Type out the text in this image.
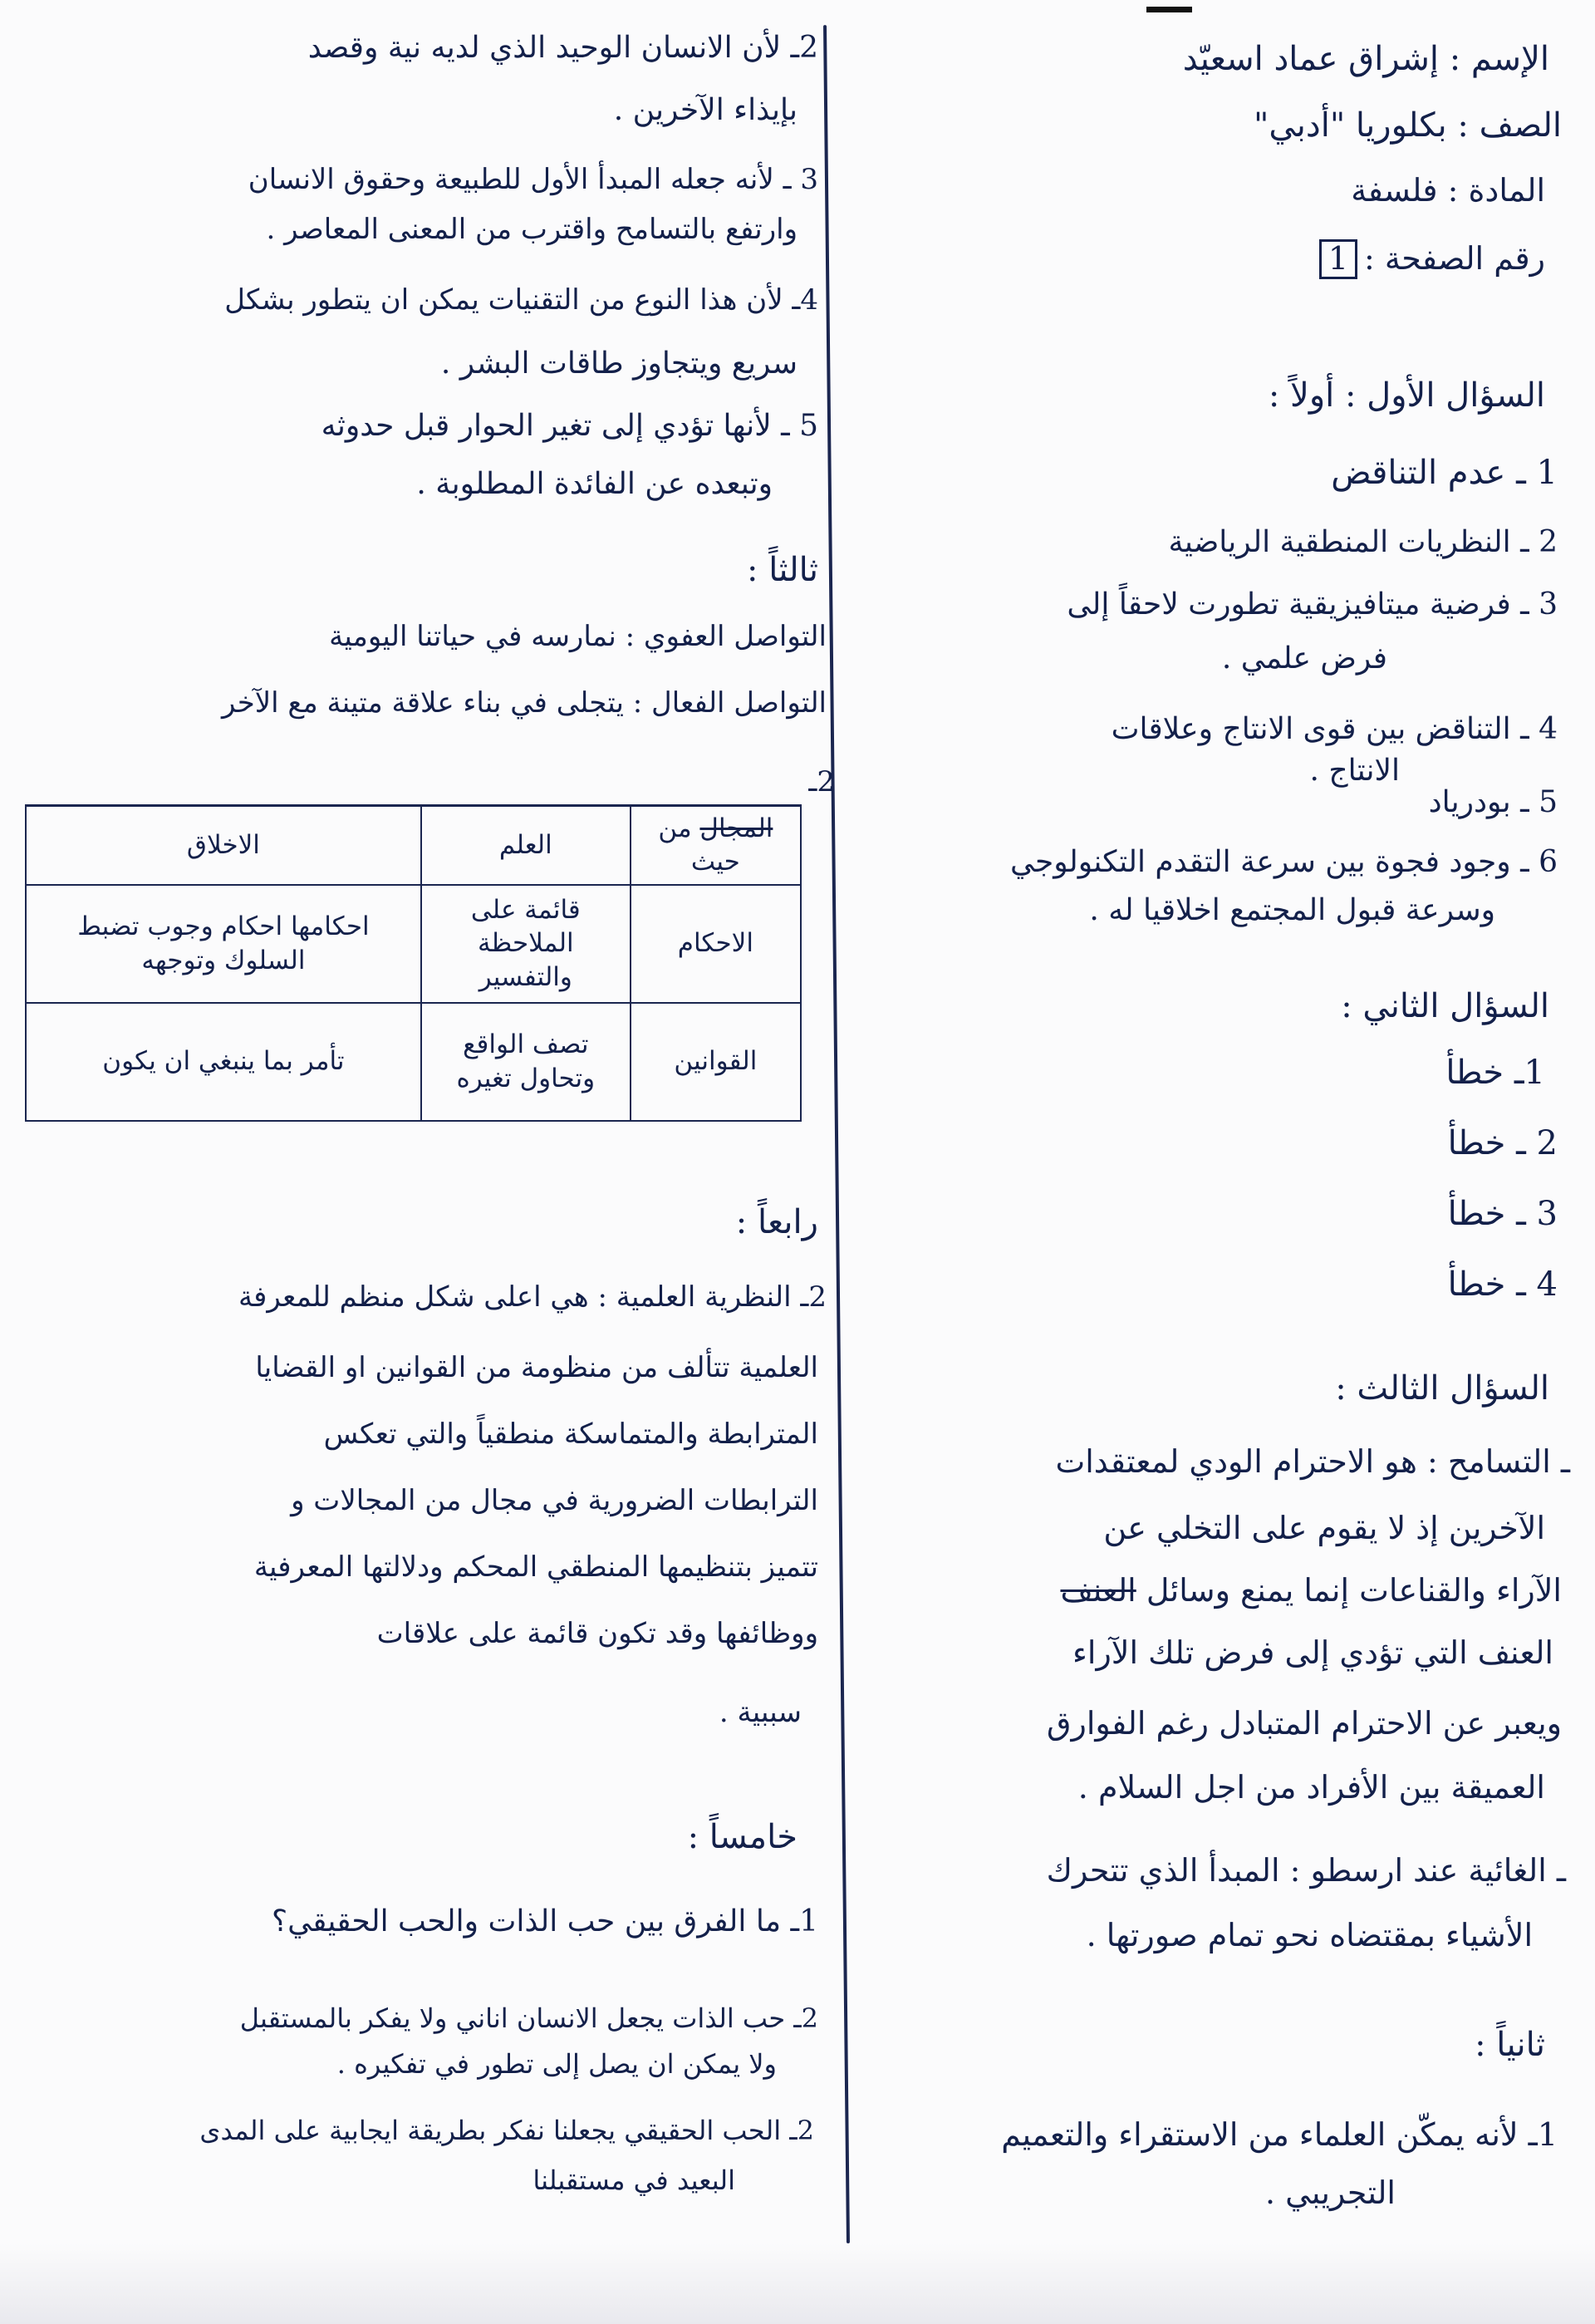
الإسم : إشراق عماد اسعيّد
الصف : بكلوريا "أدبي"
المادة : فلسفة
رقم الصفحة :1
السؤال الأول : أولاً :
1 ـ عدم التناقض
2 ـ النظريات المنطقية الرياضية
3 ـ فرضية ميتافيزيقية تطورت لاحقاً إلى
فرض علمي .
4 ـ التناقض بين قوى الانتاج وعلاقات
الانتاج .
5 ـ بودرياد
6 ـ وجود فجوة بين سرعة التقدم التكنولوجي
وسرعة قبول المجتمع اخلاقيا له .
السؤال الثاني :
1ـ خطأ
2 ـ خطأ
3 ـ خطأ
4 ـ خطأ
السؤال الثالث :
ـ التسامح : هو الاحترام الودي لمعتقدات
الآخرين إذ لا يقوم على التخلي عن
الآراء والقناعات إنما يمنع وسائل العنف
العنف التي تؤدي إلى فرض تلك الآراء
ويعبر عن الاحترام المتبادل رغم الفوارق
العميقة بين الأفراد من اجل السلام .
ـ الغائية عند ارسطو : المبدأ الذي تتحرك
الأشياء بمقتضاه نحو تمام صورتها .
ثانياً :
1ـ لأنه يمكّن العلماء من الاستقراء والتعميم
التجريبي .
2ـ لأن الانسان الوحيد الذي لديه نية وقصد
بإيذاء الآخرين .
3 ـ لأنه جعله المبدأ الأول للطبيعة وحقوق الانسان
وارتفع بالتسامح واقترب من المعنى المعاصر .
4ـ لأن هذا النوع من التقنيات يمكن ان يتطور بشكل
سريع ويتجاوز طاقات البشر .
5 ـ لأنها تؤدي إلى تغير الحوار قبل حدوثه
وتبعده عن الفائدة المطلوبة .
ثالثاً :
التواصل العفوي : نمارسه في حياتنا اليومية
التواصل الفعال : يتجلى في بناء علاقة متينة مع الآخر
2ـ
المجال من حيث	العلم	الاخلاق
الاحكام	قائمة على الملاحظة والتفسير	احكامها احكام وجوب تضبط السلوك وتوجهه
القوانين	تصف الواقع وتحاول تغيره	تأمر بما ينبغي ان يكون
رابعاً :
2ـ النظرية العلمية : هي اعلى شكل منظم للمعرفة
العلمية تتألف من منظومة من القوانين او القضايا
المترابطة والمتماسكة منطقياً والتي تعكس
الترابطات الضرورية في مجال من المجالات و
تتميز بتنظيمها المنطقي المحكم ودلالتها المعرفية
ووظائفها وقد تكون قائمة على علاقات
سببية .
خامساً :
1ـ ما الفرق بين حب الذات والحب الحقيقي؟
2ـ حب الذات يجعل الانسان اناني ولا يفكر بالمستقبل
ولا يمكن ان يصل إلى تطور في تفكيره .
2ـ الحب الحقيقي يجعلنا نفكر بطريقة ايجابية على المدى
البعيد في مستقبلنا
